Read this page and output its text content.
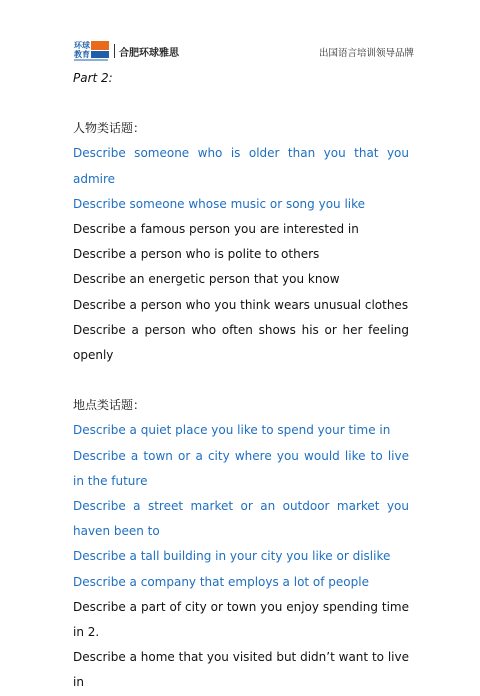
环球
教育	合肥环球雅思	出国语言培训领导品牌
Part 2:
人物类话题：
Describe someone who is older than you that you admire
Describe someone whose music or song you like
Describe a famous person you are interested in
Describe a person who is polite to others
Describe an energetic person that you know
Describe a person who you think wears unusual clothes
Describe a person who often shows his or her feeling openly
地点类话题：
Describe a quiet place you like to spend your time in
Describe a town or a city where you would like to live in the future
Describe a street market or an outdoor market you haven been to
Describe a tall building in your city you like or dislike
Describe a company that employs a lot of people
Describe a part of city or town you enjoy spending time in 2.
Describe a home that you visited but didn’t want to live in
